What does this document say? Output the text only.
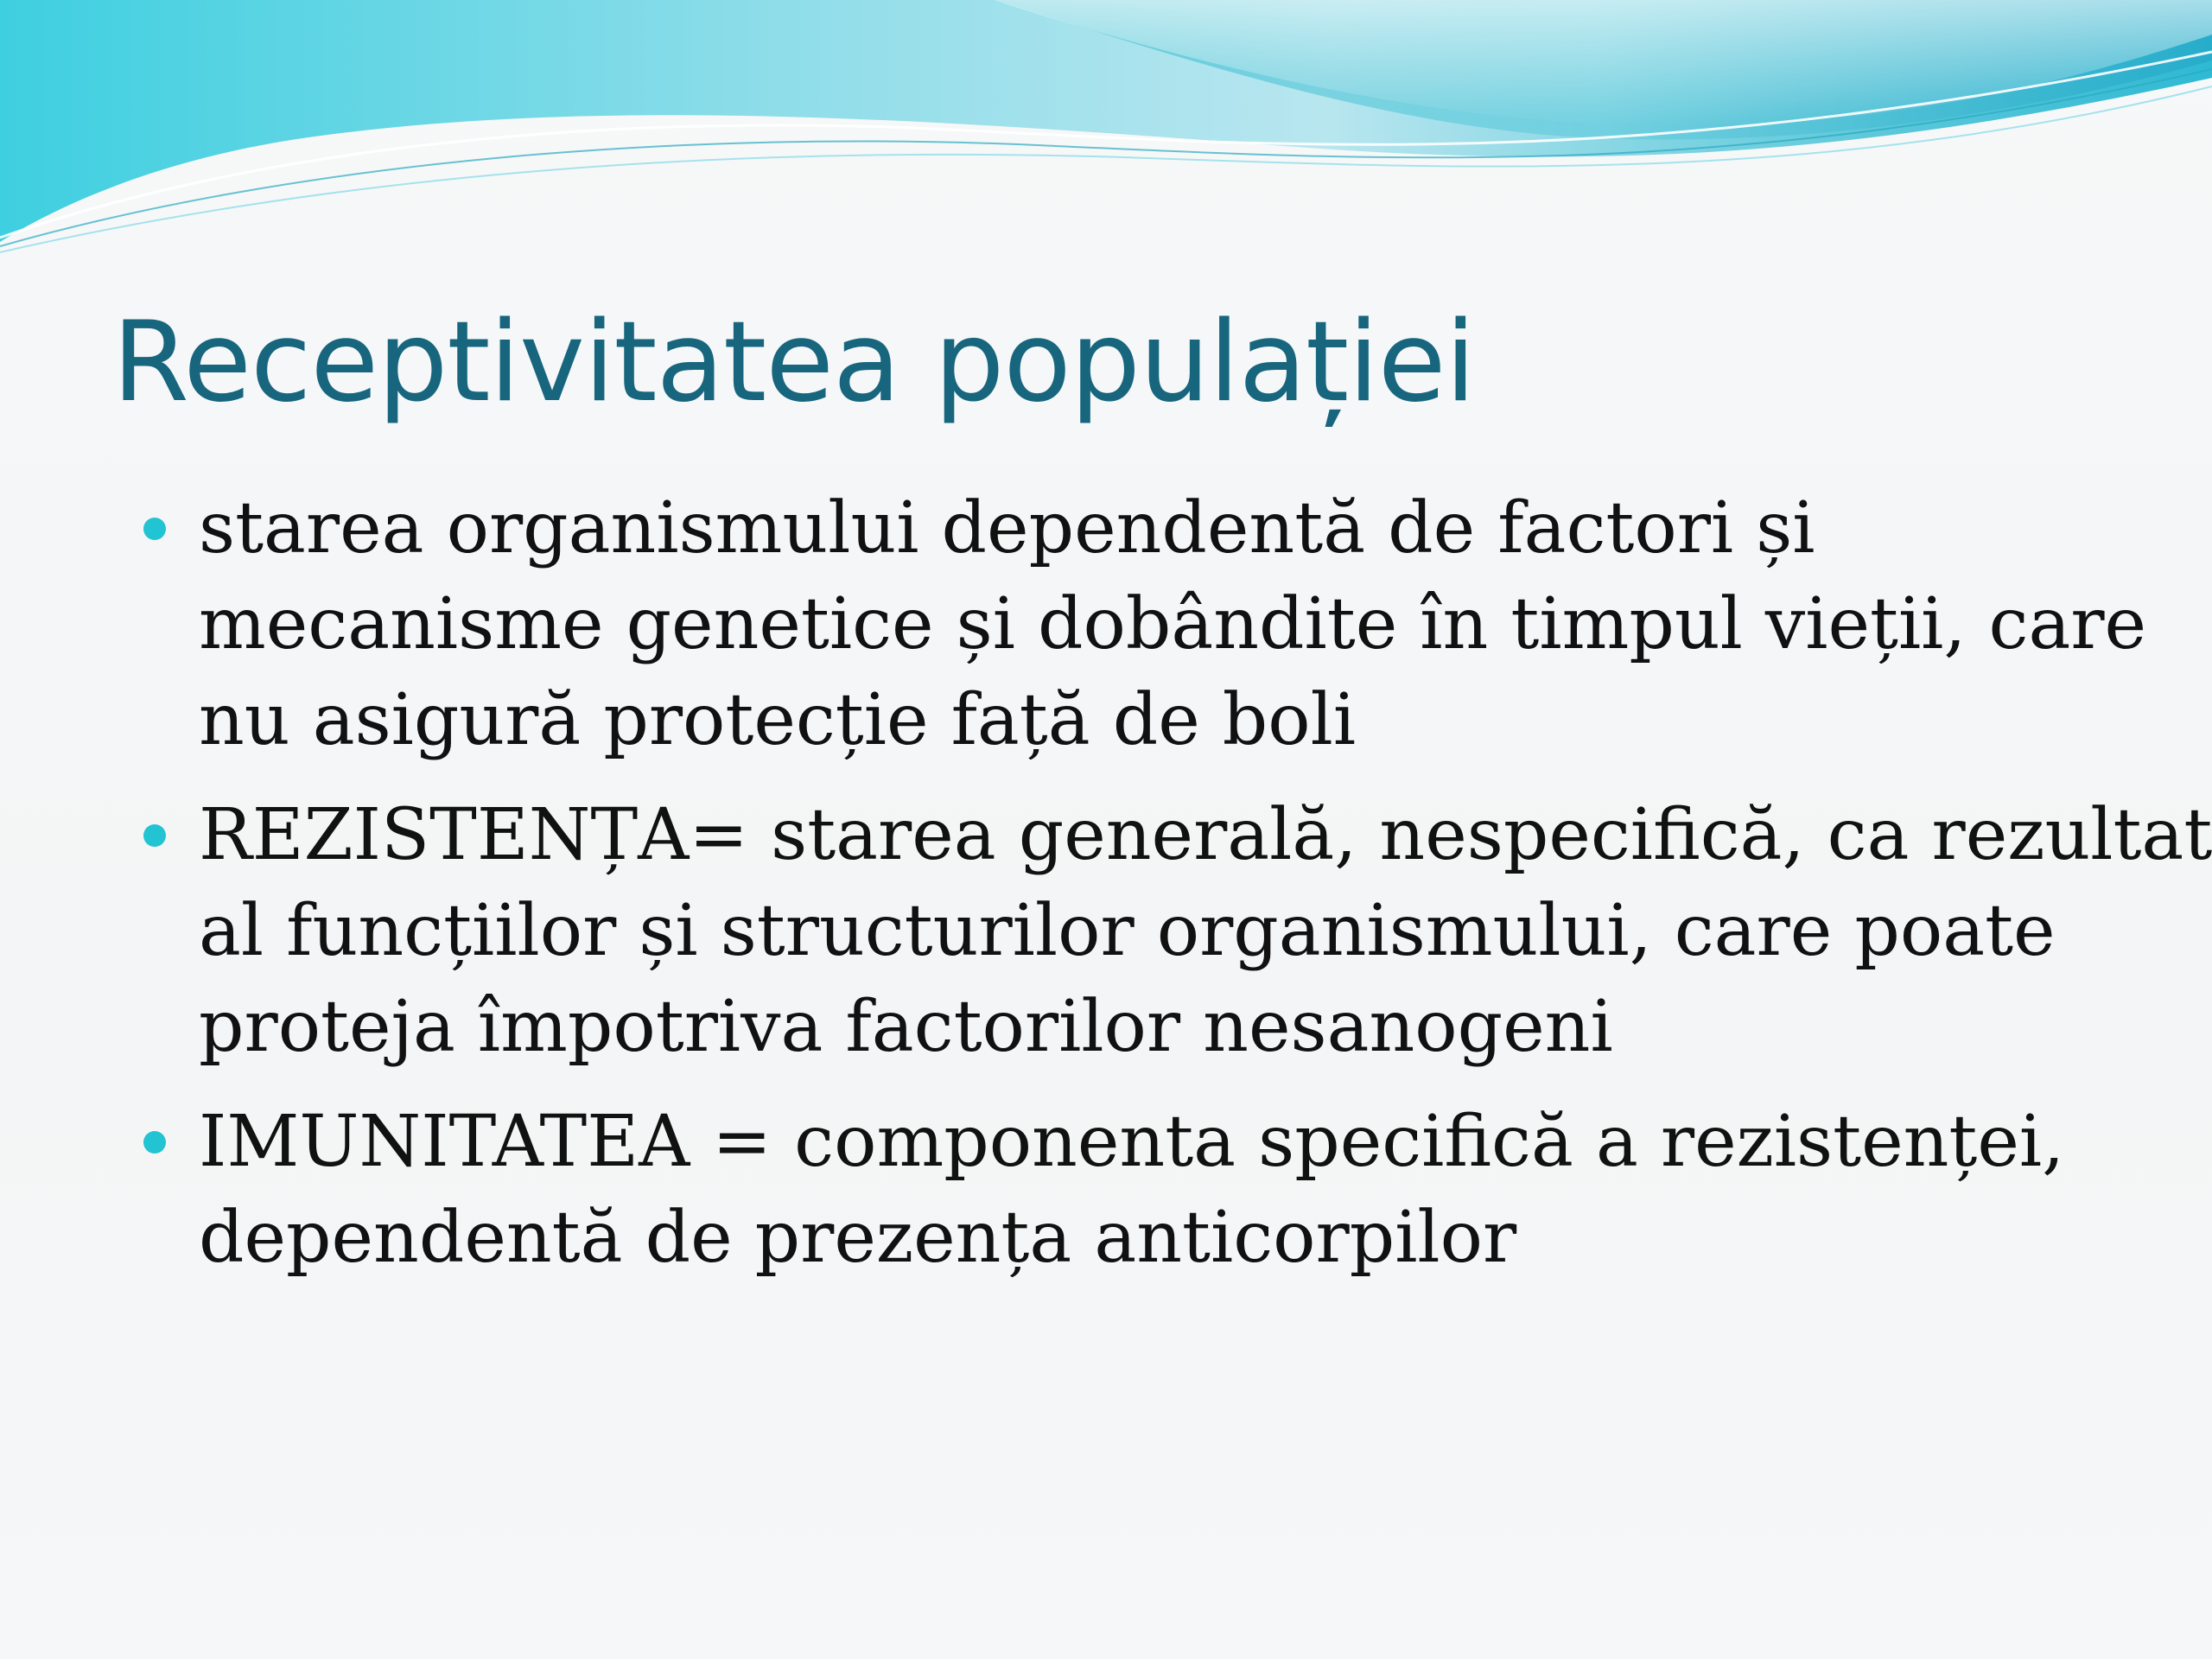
Receptivitatea populației
starea organismului dependentă de factori și
mecanisme genetice și dobândite în timpul vieții, care
nu asigură protecție față de boli
REZISTENȚA= starea generală, nespecifică, ca rezultat
al funcțiilor și structurilor organismului, care poate
proteja împotriva factorilor nesanogeni
IMUNITATEA = componenta specifică a rezistenței,
dependentă de prezența anticorpilor
